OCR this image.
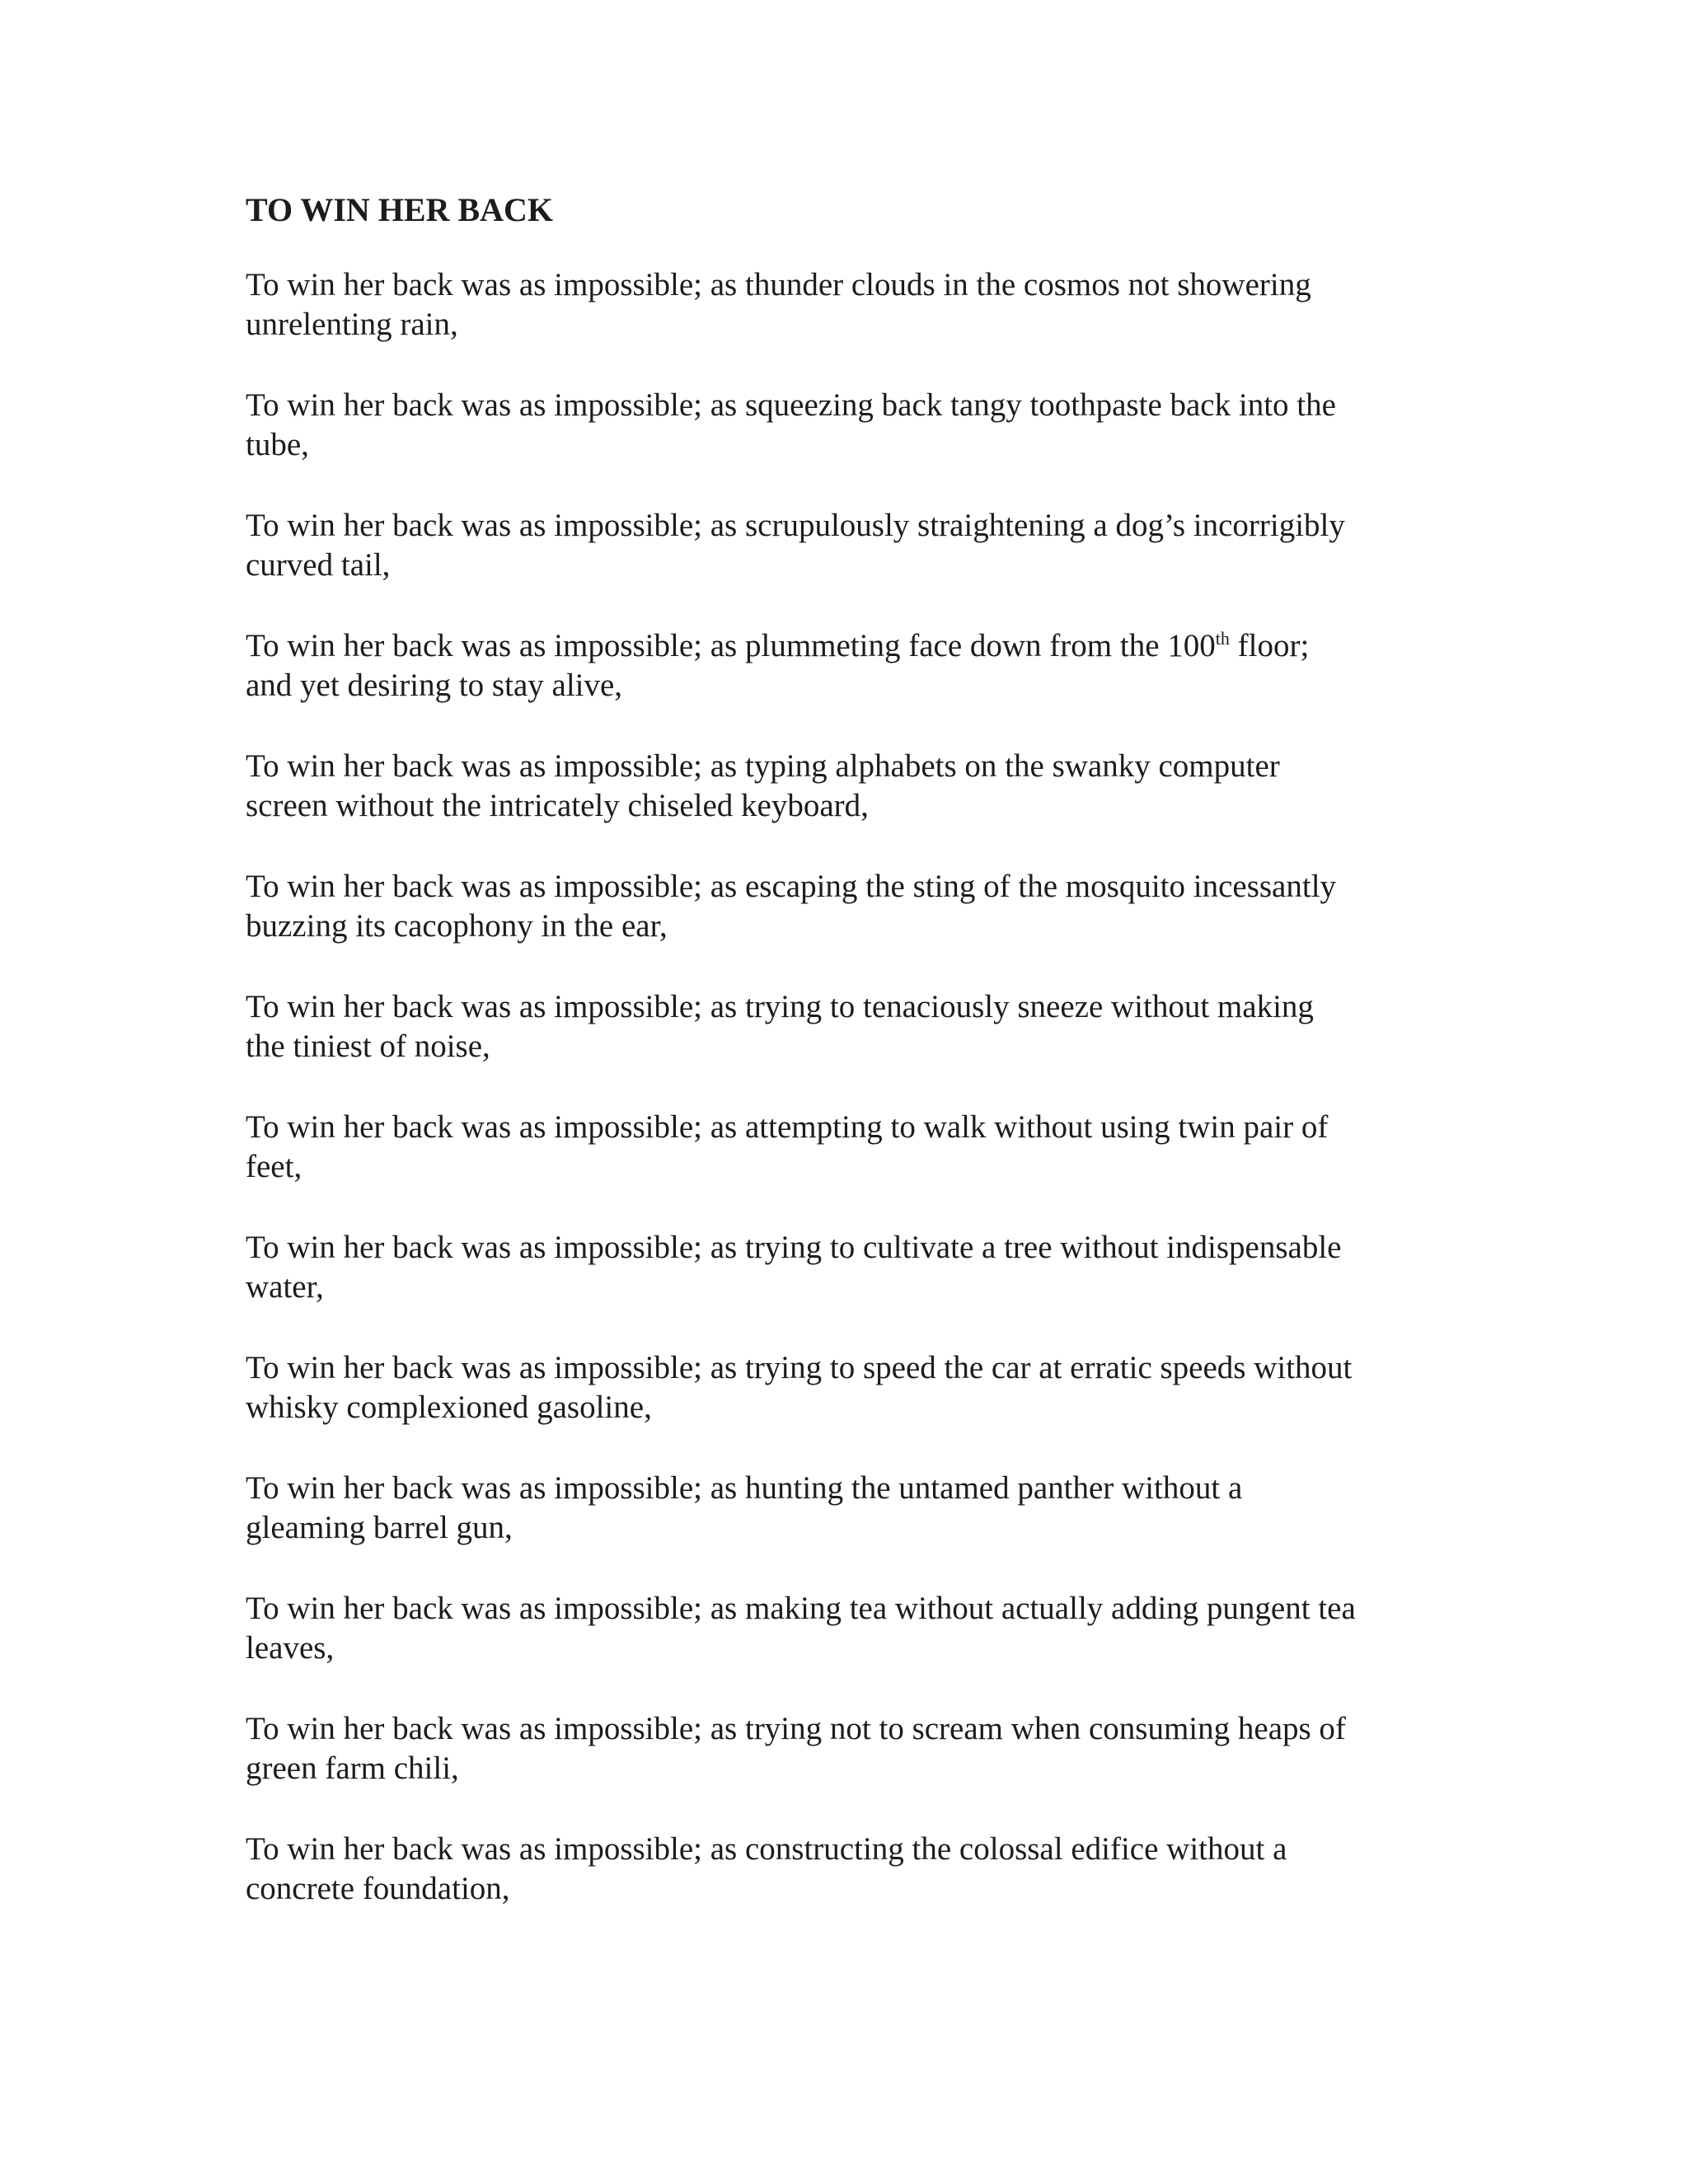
TO WIN HER BACK
To win her back was as impossible; as thunder clouds in the cosmos not showering
unrelenting rain,
To win her back was as impossible; as squeezing back tangy toothpaste back into the
tube,
To win her back was as impossible; as scrupulously straightening a dog’s incorrigibly
curved tail,
To win her back was as impossible; as plummeting face down from the 100th floor;
and yet desiring to stay alive,
To win her back was as impossible; as typing alphabets on the swanky computer
screen without the intricately chiseled keyboard,
To win her back was as impossible; as escaping the sting of the mosquito incessantly
buzzing its cacophony in the ear,
To win her back was as impossible; as trying to tenaciously sneeze without making
the tiniest of noise,
To win her back was as impossible; as attempting to walk without using twin pair of
feet,
To win her back was as impossible; as trying to cultivate a tree without indispensable
water,
To win her back was as impossible; as trying to speed the car at erratic speeds without
whisky complexioned gasoline,
To win her back was as impossible; as hunting the untamed panther without a
gleaming barrel gun,
To win her back was as impossible; as making tea without actually adding pungent tea
leaves,
To win her back was as impossible; as trying not to scream when consuming heaps of
green farm chili,
To win her back was as impossible; as constructing the colossal edifice without a
concrete foundation,
